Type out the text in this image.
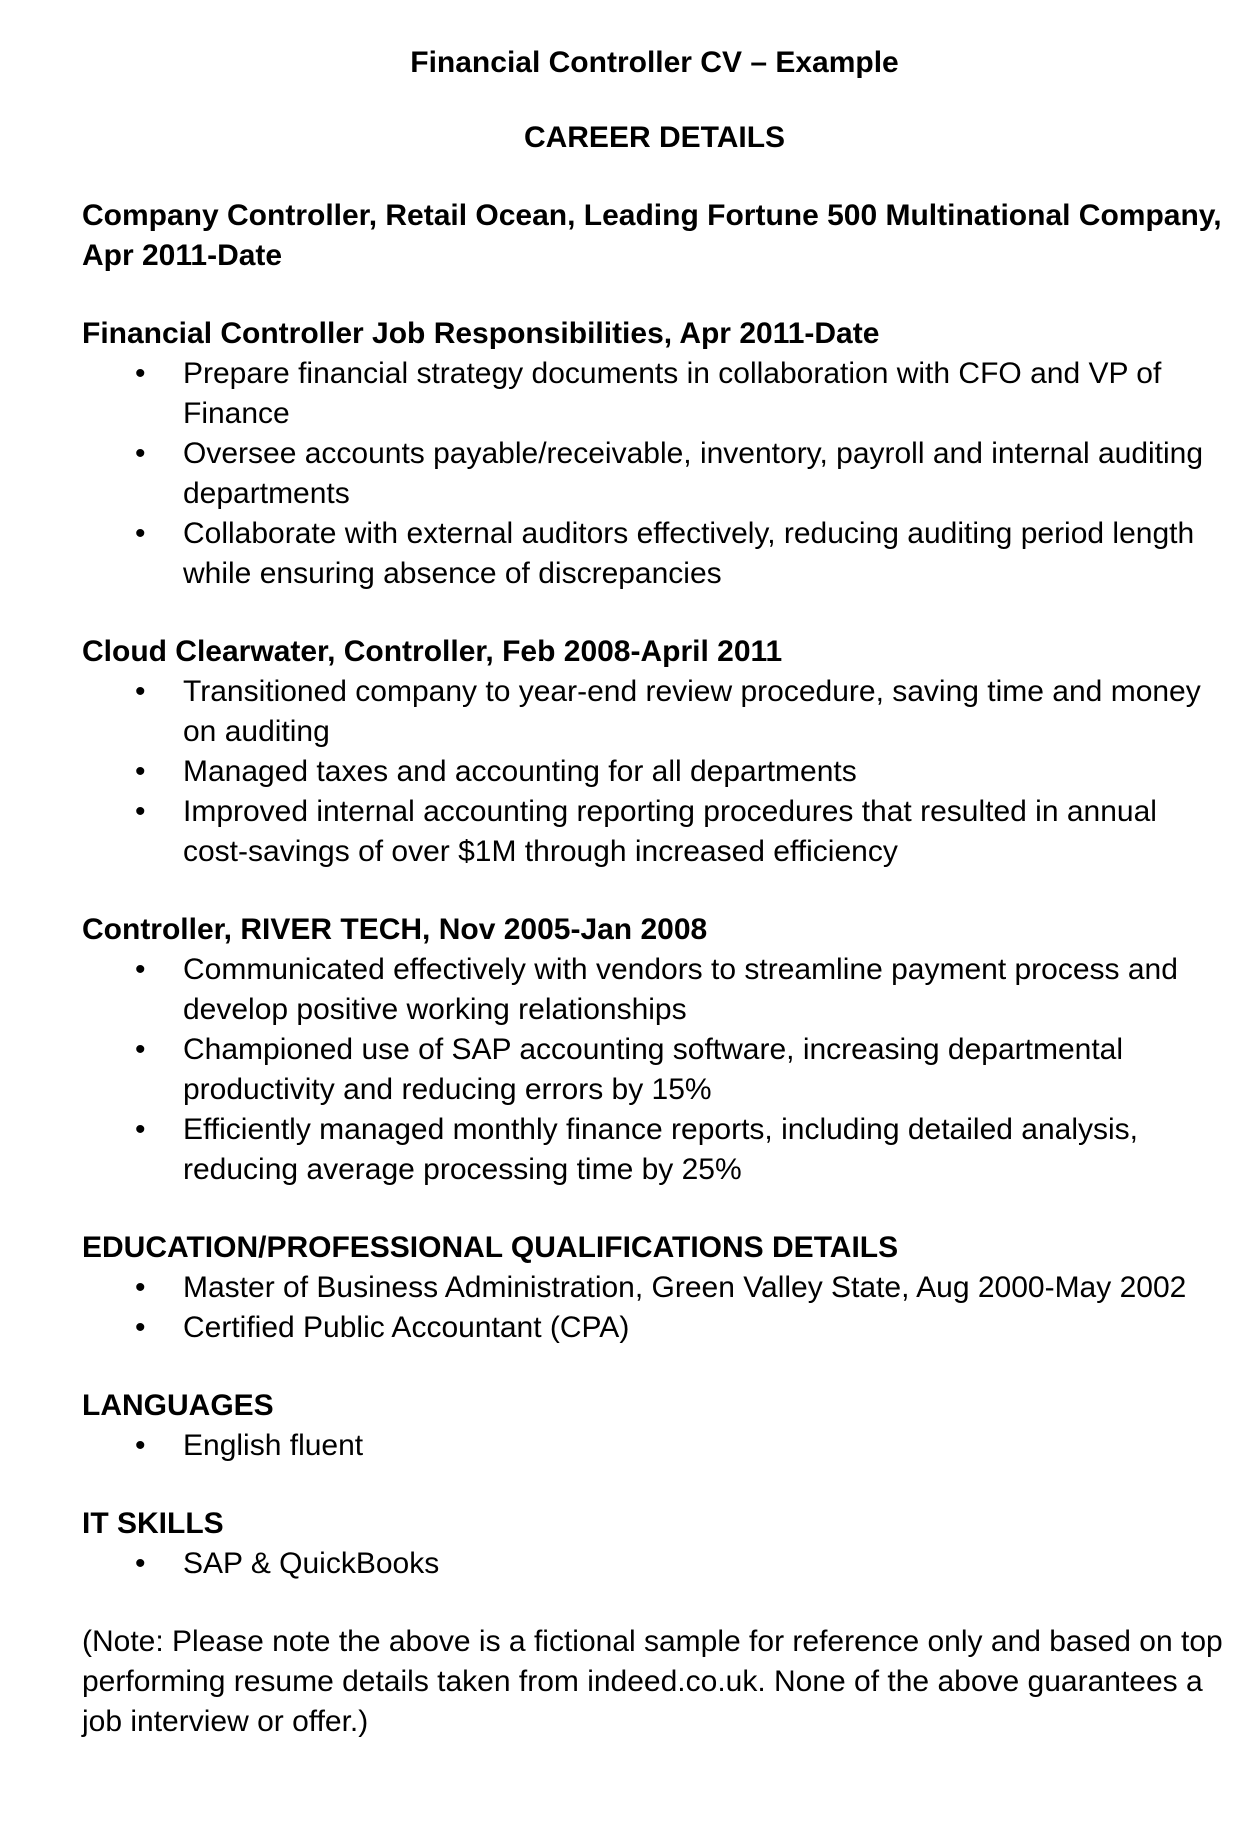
Financial Controller CV – Example
CAREER DETAILS
Company Controller, Retail Ocean, Leading Fortune 500 Multinational Company, Apr 2011-Date
Financial Controller Job Responsibilities, Apr 2011-Date
• Prepare financial strategy documents in collaboration with CFO and VP of Finance
• Oversee accounts payable/receivable, inventory, payroll and internal auditing departments
• Collaborate with external auditors effectively, reducing auditing period length while ensuring absence of discrepancies
Cloud Clearwater, Controller, Feb 2008-April 2011
• Transitioned company to year-end review procedure, saving time and money on auditing
• Managed taxes and accounting for all departments
• Improved internal accounting reporting procedures that resulted in annual cost-savings of over $1M through increased efficiency
Controller, RIVER TECH, Nov 2005-Jan 2008
• Communicated effectively with vendors to streamline payment process and develop positive working relationships
• Championed use of SAP accounting software, increasing departmental productivity and reducing errors by 15%
• Efficiently managed monthly finance reports, including detailed analysis, reducing average processing time by 25%
EDUCATION/PROFESSIONAL QUALIFICATIONS DETAILS
• Master of Business Administration, Green Valley State, Aug 2000-May 2002
• Certified Public Accountant (CPA)
LANGUAGES
• English fluent
IT SKILLS
• SAP & QuickBooks

(Note: Please note the above is a fictional sample for reference only and based on top performing resume details taken from indeed.co.uk. None of the above guarantees a job interview or offer.)
